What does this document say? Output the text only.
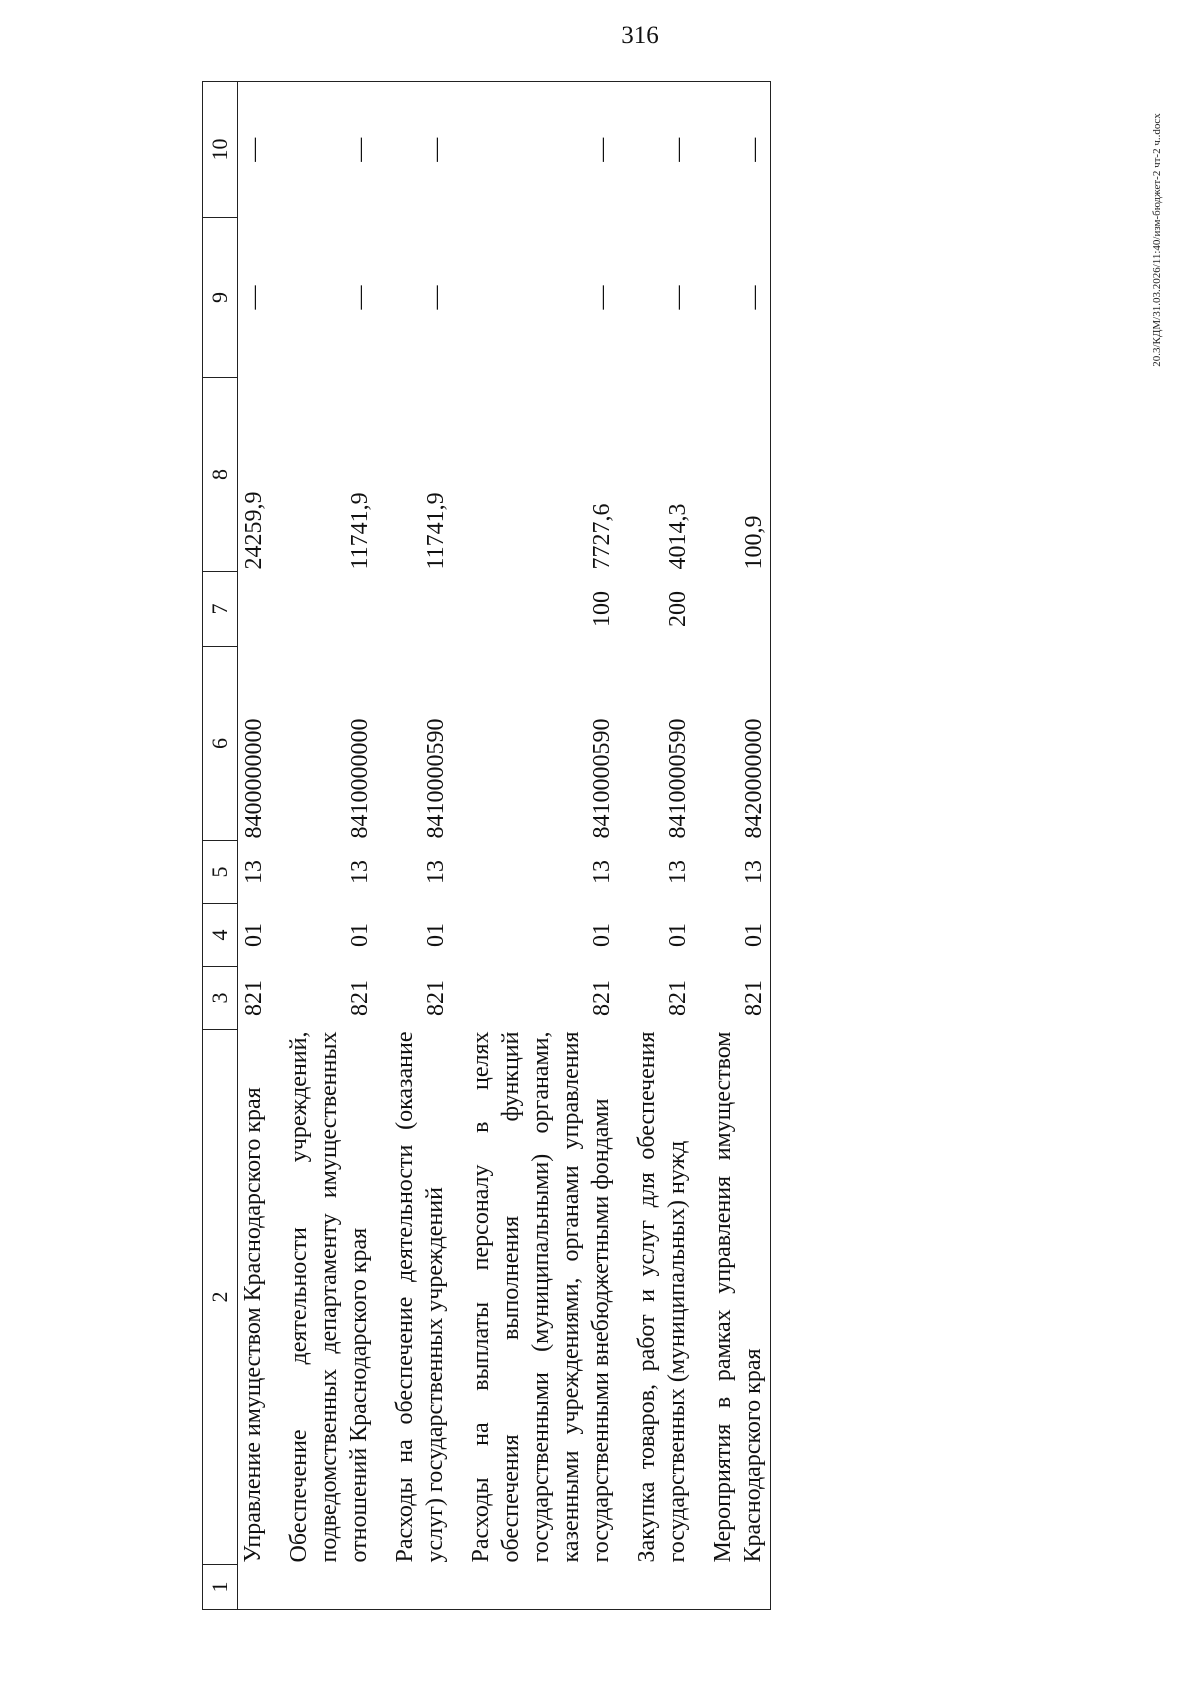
316
20.3/КДМ/31.03.2026/11:40/изм-бюджет-2 чт-2 ч..docx
1	2	3	4	5	6	7	8	9	10
	Управление имуществом Краснодарского края	821	01	13	8400000000		24259,9	—	—
	Обеспечение деятельности учреждений, подведомственных департаменту имущественных отношений Краснодарского края	821	01	13	8410000000		11741,9	—	—
	Расходы на обеспечение деятельности (оказание услуг) государственных учреждений	821	01	13	8410000590		11741,9	—	—
	Расходы на выплаты персоналу в целях обеспечения выполнения функций государственными (муниципальными) органами, казенными учреждениями, органами управления государственными внебюджетными фондами	821	01	13	8410000590	100	7727,6	—	—
	Закупка товаров, работ и услуг для обеспечения государственных (муниципальных) нужд	821	01	13	8410000590	200	4014,3	—	—
	Мероприятия в рамках управления имуществом Краснодарского края	821	01	13	8420000000		100,9	—	—
